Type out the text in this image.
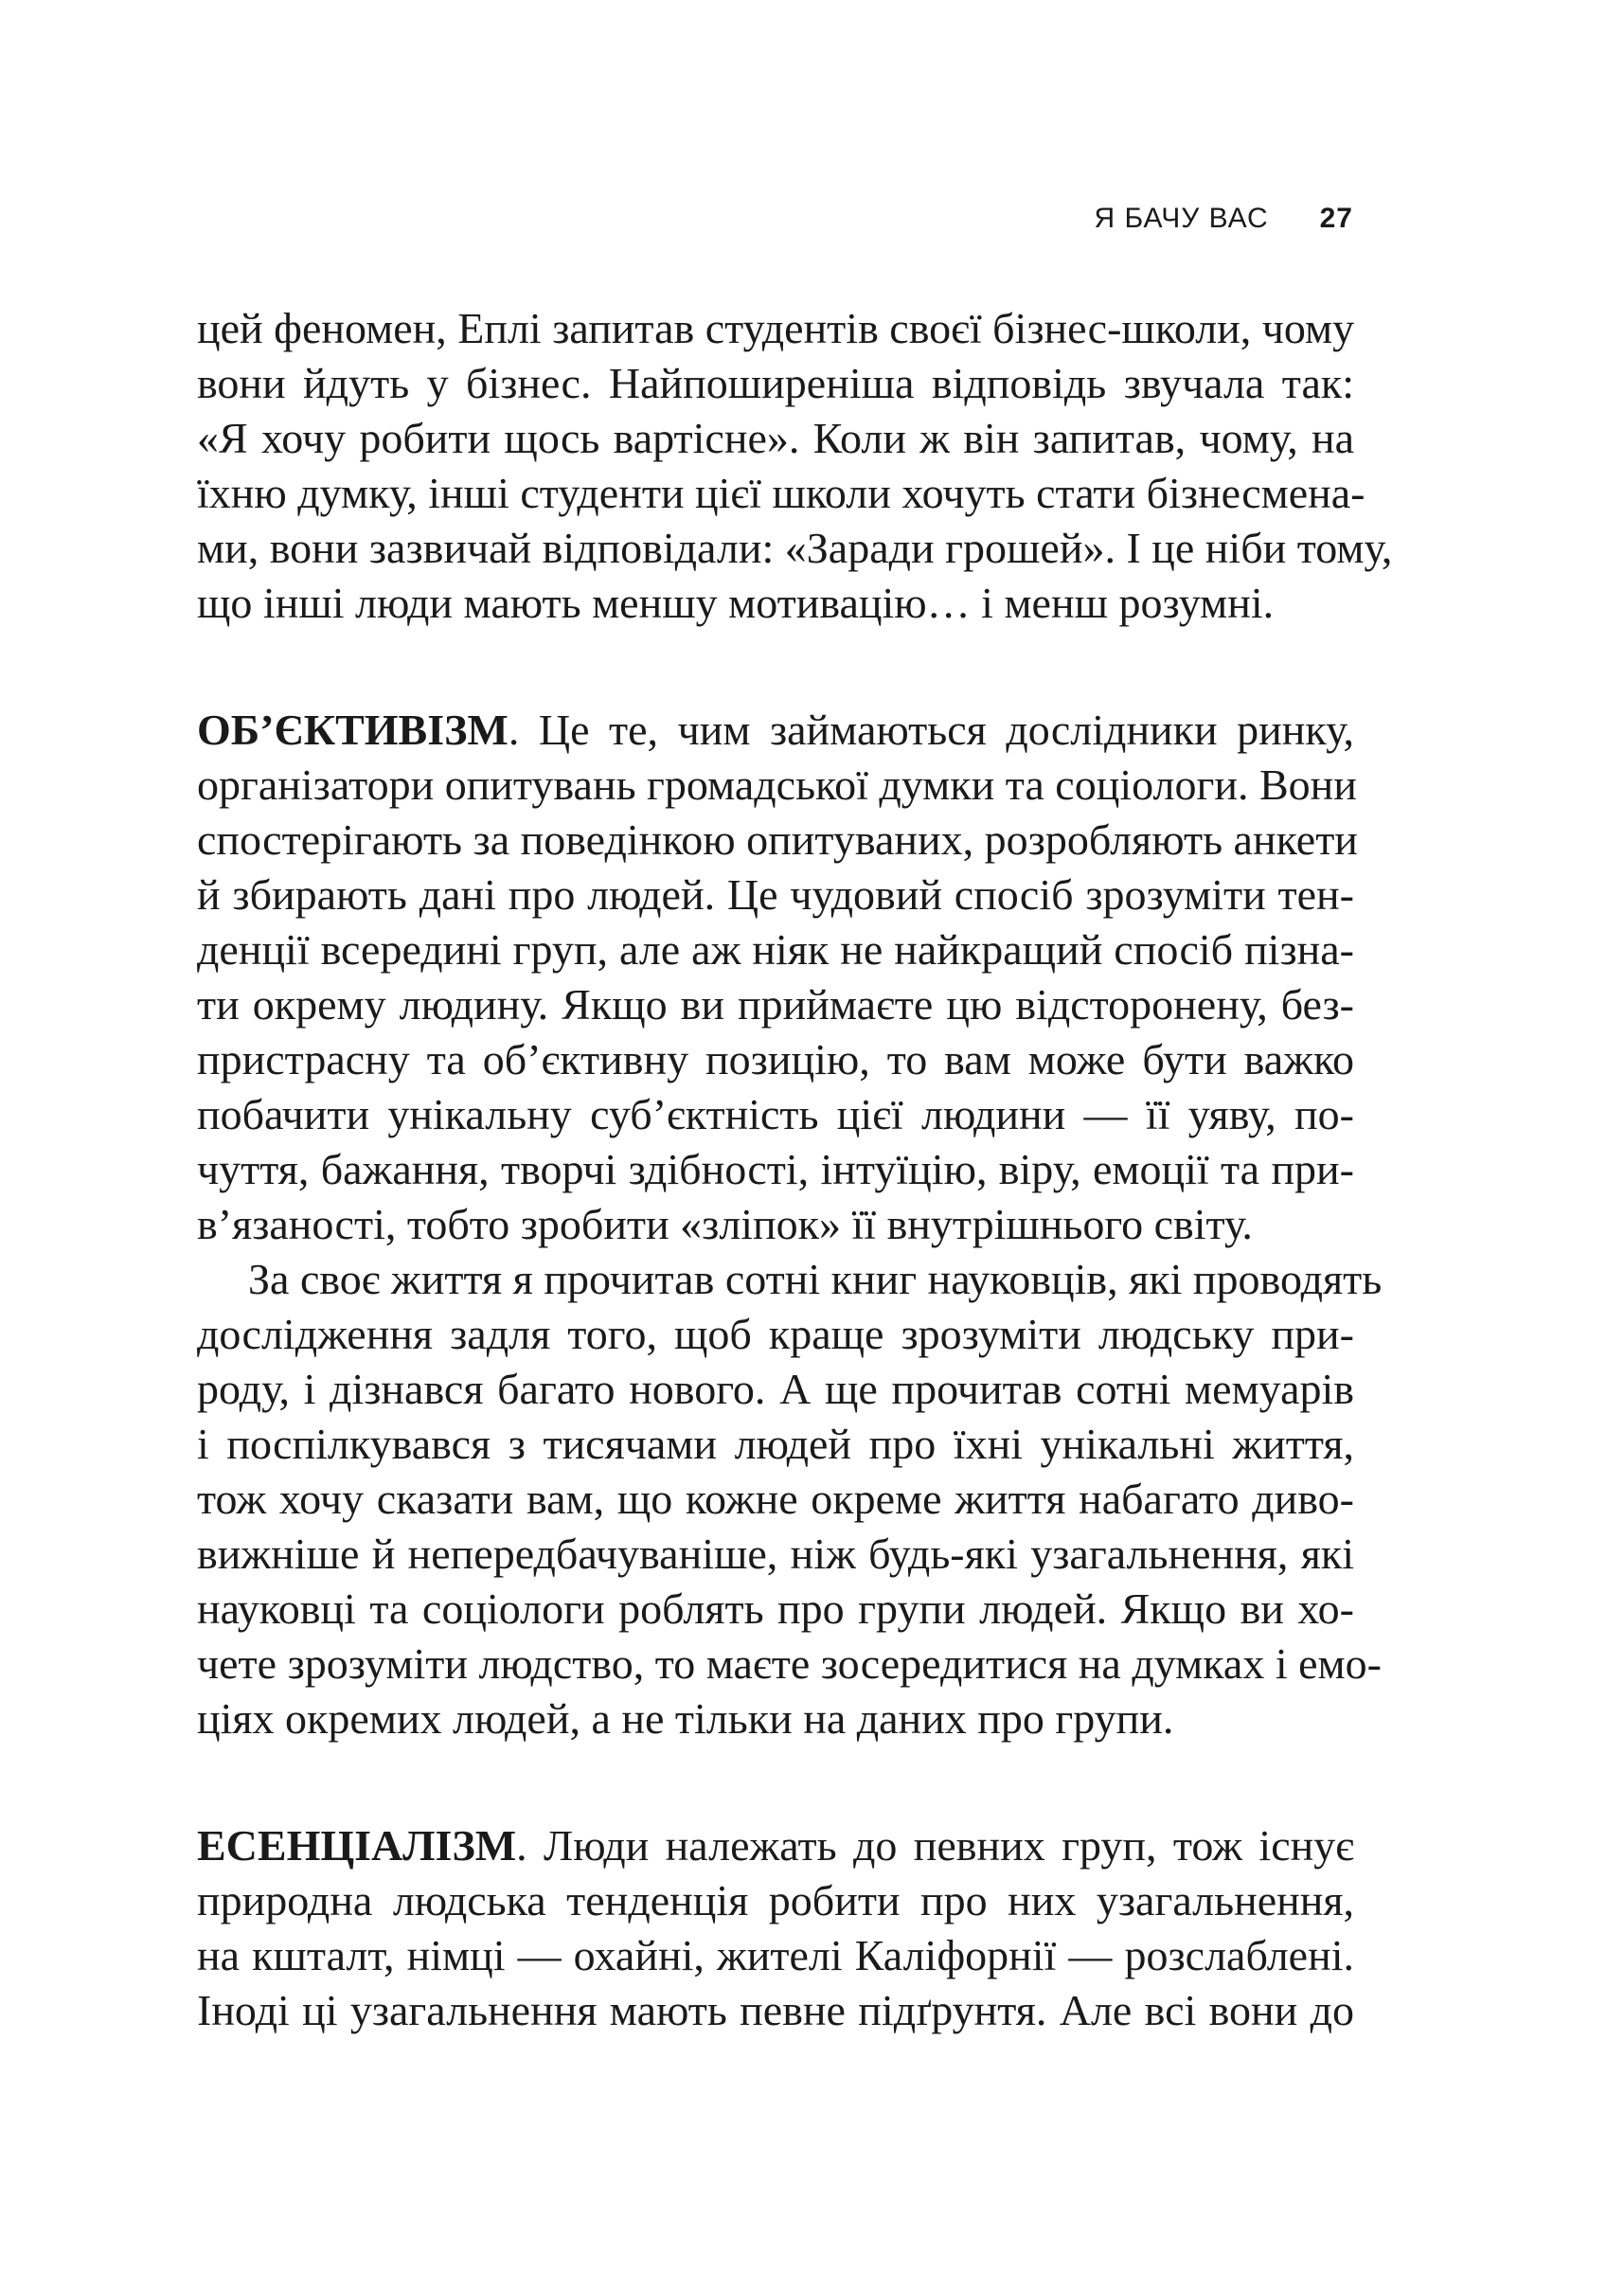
Я БАЧУ ВАС 27

цей феномен, Еплі запитав студентів своєї бізнес-школи, чому
вони йдуть у бізнес. Найпоширеніша відповідь звучала так:
«Я хочу робити щось вартісне». Коли ж він запитав, чому, на
їхню думку, інші студенти цієї школи хочуть стати бізнесмена-
ми, вони зазвичай відповідали: «Заради грошей». І це ніби тому,
що інші люди мають меншу мотивацію… і менш розумні.

ОБ’ЄКТИВІЗМ. Це те, чим займаються дослідники ринку,
організатори опитувань громадської думки та соціологи. Вони
спостерігають за поведінкою опитуваних, розробляють анкети
й збирають дані про людей. Це чудовий спосіб зрозуміти тен-
денції всередині груп, але аж ніяк не найкращий спосіб пізна-
ти окрему людину. Якщо ви приймаєте цю відсторонену, без-
пристрасну та об’єктивну позицію, то вам може бути важко
побачити унікальну суб’єктність цієї людини — її уяву, по-
чуття, бажання, творчі здібності, інтуїцію, віру, емоції та при-
в’язаності, тобто зробити «зліпок» її внутрішнього світу.

За своє життя я прочитав сотні книг науковців, які проводять
дослідження задля того, щоб краще зрозуміти людську при-
роду, і дізнався багато нового. А ще прочитав сотні мемуарів
і поспілкувався з тисячами людей про їхні унікальні життя,
тож хочу сказати вам, що кожне окреме життя набагато диво-
вижніше й непередбачуваніше, ніж будь-які узагальнення, які
науковці та соціологи роблять про групи людей. Якщо ви хо-
чете зрозуміти людство, то маєте зосередитися на думках і емо-
ціях окремих людей, а не тільки на даних про групи.

ЕСЕНЦІАЛІЗМ. Люди належать до певних груп, тож існує
природна людська тенденція робити про них узагальнення,
на кшталт, німці — охайні, жителі Каліфорнії — розслаблені.
Іноді ці узагальнення мають певне підґрунтя. Але всі вони до
